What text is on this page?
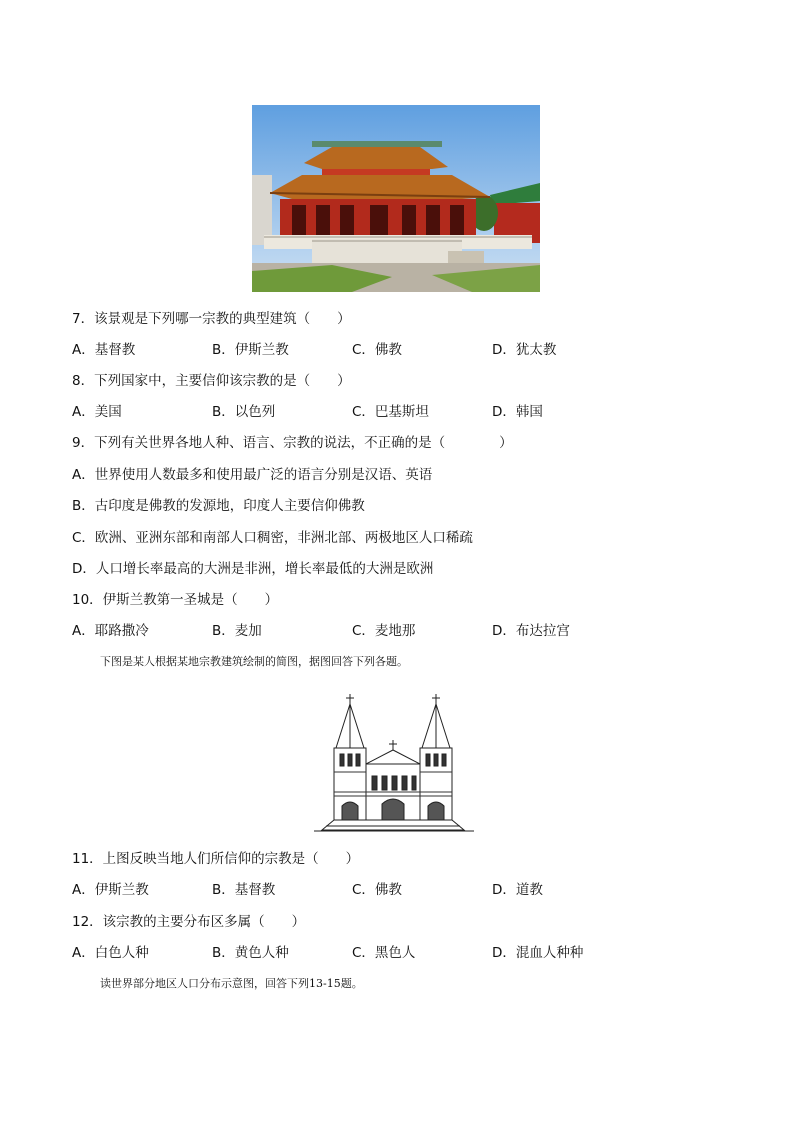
7．该景观是下列哪一宗教的典型建筑（　　）
A．基督教	B．伊斯兰教	C．佛教	D．犹太教
8．下列国家中，主要信仰该宗教的是（　　）
A．美国	B．以色列	C．巴基斯坦	D．韩国
9．下列有关世界各地人种、语言、宗教的说法，不正确的是（　　　　）
A．世界使用人数最多和使用最广泛的语言分别是汉语、英语
B．古印度是佛教的发源地，印度人主要信仰佛教
C．欧洲、亚洲东部和南部人口稠密，非洲北部、两极地区人口稀疏
D．人口增长率最高的大洲是非洲，增长率最低的大洲是欧洲
10．伊斯兰教第一圣城是（　　）
A．耶路撒冷	B．麦加	C．麦地那	D．布达拉宫
下图是某人根据某地宗教建筑绘制的简图，据图回答下列各题。
11．上图反映当地人们所信仰的宗教是（　　）
A．伊斯兰教	B．基督教	C．佛教	D．道教
12．该宗教的主要分布区多属（　　）
A．白色人种	B．黄色人种	C．黑色人	D．混血人种种
读世界部分地区人口分布示意图，回答下列13-15题。
